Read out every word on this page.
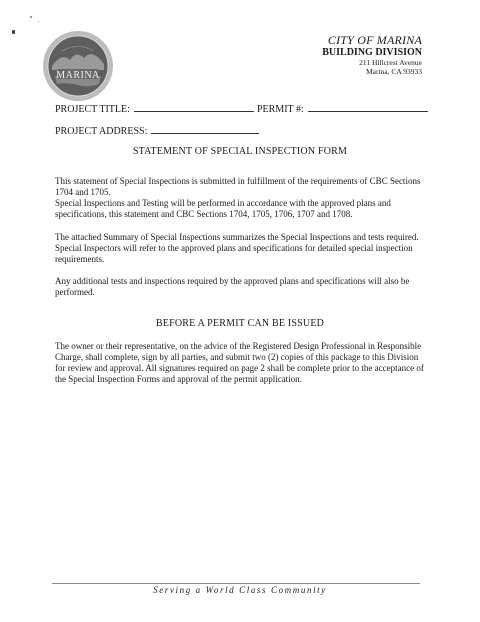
MARINA
CITY OF MARINA
BUILDING DIVISION
211 Hillcrest Avenue
Marina, CA 93933
PROJECT TITLE:	PERMIT #:
PROJECT ADDRESS:
STATEMENT OF SPECIAL INSPECTION FORM

This statement of Special Inspections is submitted in fulfillment of the requirements of CBC Sections 1704 and 1705.

Special Inspections and Testing will be performed in accordance with the approved plans and specifications, this statement and CBC Sections 1704, 1705, 1706, 1707 and 1708.

The attached Summary of Special Inspections summarizes the Special Inspections and tests required. Special Inspectors will refer to the approved plans and specifications for detailed special inspection requirements.

Any additional tests and inspections required by the approved plans and specifications will also be performed.

BEFORE A PERMIT CAN BE ISSUED

The owner or their representative, on the advice of the Registered Design Professional in Responsible Charge, shall complete, sign by all parties, and submit two (2) copies of this package to this Division for review and approval. All signatures required on page 2 shall be complete prior to the acceptance of the Special Inspection Forms and approval of the permit application.

Serving a World Class Community
